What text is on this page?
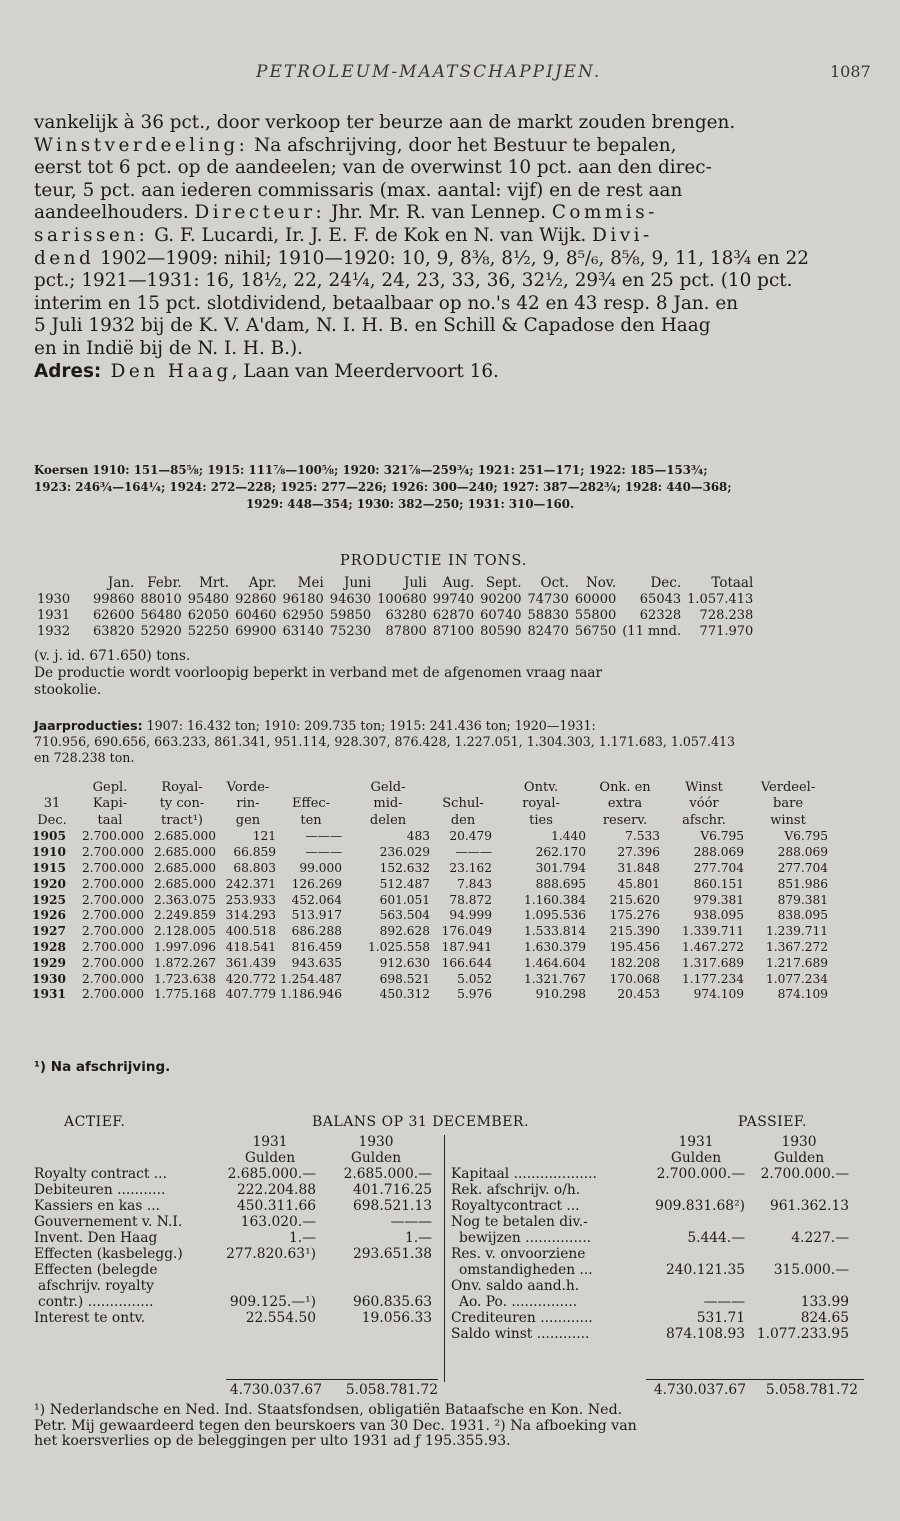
PETROLEUM-MAATSCHAPPIJEN.	1087
vankelijk à 36 pct., door verkoop ter beurze aan de markt zouden brengen.
Winstverdeeling: Na afschrijving, door het Bestuur te bepalen,
eerst tot 6 pct. op de aandeelen; van de overwinst 10 pct. aan den direc-
teur, 5 pct. aan iederen commissaris (max. aantal: vijf) en de rest aan
aandeelhouders. Directeur: Jhr. Mr. R. van Lennep. Commis-
sarissen: G. F. Lucardi, Ir. J. E. F. de Kok en N. van Wijk. Divi-
dend 1902—1909: nihil; 1910—1920: 10, 9, 8⅜, 8½, 9, 8⁵/₆, 8⅝, 9, 11, 18¾ en 22
pct.; 1921—1931: 16, 18½, 22, 24¼, 24, 23, 33, 36, 32½, 29¾ en 25 pct. (10 pct.
interim en 15 pct. slotdividend, betaalbaar op no.'s 42 en 43 resp. 8 Jan. en
5 Juli 1932 bij de K. V. A'dam, N. I. H. B. en Schill & Capadose den Haag
en in Indië bij de N. I. H. B.).
Adres: Den Haag, Laan van Meerdervoort 16.
Koersen 1910: 151—85⅝; 1915: 111⅞—100⅝; 1920: 321⅞—259¾; 1921: 251—171; 1922: 185—153¾;
1923: 246¾—164¼; 1924: 272—228; 1925: 277—226; 1926: 300—240; 1927: 387—282¾; 1928: 440—368;
1929: 448—354; 1930: 382—250; 1931: 310—160.
PRODUCTIE IN TONS.
	Jan.	Febr.	Mrt.	Apr.	Mei	Juni	Juli	Aug.	Sept.	Oct.	Nov.	Dec.	Totaal
1930	99860	88010	95480	92860	96180	94630	100680	99740	90200	74730	60000	65043	1.057.413
1931	62600	56480	62050	60460	62950	59850	63280	62870	60740	58830	55800	62328	728.238
1932	63820	52920	52250	69900	63140	75230	87800	87100	80590	82470	56750	(11 mnd.	771.970
(v. j. id. 671.650) tons.
De productie wordt voorloopig beperkt in verband met de afgenomen vraag naar
stookolie.
Jaarproducties: 1907: 16.432 ton; 1910: 209.735 ton; 1915: 241.436 ton; 1920—1931:
710.956, 690.656, 663.233, 861.341, 951.114, 928.307, 876.428, 1.227.051, 1.304.303, 1.171.683, 1.057.413
en 728.238 ton.
	Gepl.	Royal-	Vorde-		Geld-		Ontv.	Onk. en	Winst	Verdeel-
31	Kapi-	ty con-	rin-	Effec-	mid-	Schul-	royal-	extra	vóór	bare
Dec.	taal	tract¹)	gen	ten	delen	den	ties	reserv.	afschr.	winst
1905	2.700.000	2.685.000	121	———	483	20.479	1.440	7.533	V6.795	V6.795
1910	2.700.000	2.685.000	66.859	———	236.029	———	262.170	27.396	288.069	288.069
1915	2.700.000	2.685.000	68.803	99.000	152.632	23.162	301.794	31.848	277.704	277.704
1920	2.700.000	2.685.000	242.371	126.269	512.487	7.843	888.695	45.801	860.151	851.986
1925	2.700.000	2.363.075	253.933	452.064	601.051	78.872	1.160.384	215.620	979.381	879.381
1926	2.700.000	2.249.859	314.293	513.917	563.504	94.999	1.095.536	175.276	938.095	838.095
1927	2.700.000	2.128.005	400.518	686.288	892.628	176.049	1.533.814	215.390	1.339.711	1.239.711
1928	2.700.000	1.997.096	418.541	816.459	1.025.558	187.941	1.630.379	195.456	1.467.272	1.367.272
1929	2.700.000	1.872.267	361.439	943.635	912.630	166.644	1.464.604	182.208	1.317.689	1.217.689
1930	2.700.000	1.723.638	420.772	1.254.487	698.521	5.052	1.321.767	170.068	1.177.234	1.077.234
1931	2.700.000	1.775.168	407.779	1.186.946	450.312	5.976	910.298	20.453	974.109	874.109
¹) Na afschrijving.
ACTIEF.	BALANS OP 31 DECEMBER.	PASSIEF.
	1931	1930
	Gulden	Gulden
Royalty contract ...	2.685.000.—	2.685.000.—
Debiteuren ...........	222.204.88	401.716.25
Kassiers en kas ...	450.311.66	698.521.13
Gouvernement v. N.I.	163.020.—	———
Invent. Den Haag	1.—	1.—
Effecten (kasbelegg.)	277.820.63¹)	293.651.38
Effecten (belegde		
afschrijv. royalty		
contr.) ...............	909.125.—¹)	960.835.63
Interest te ontv.	22.554.50	19.056.33
	1931	1930
	Gulden	Gulden
Kapitaal ...................	2.700.000.—	2.700.000.—
Rek. afschrijv. o/h.		
Royaltycontract ...	909.831.68²)	961.362.13
Nog te betalen div.-		
bewijzen ...............	5.444.—	4.227.—
Res. v. onvoorziene		
omstandigheden ...	240.121.35	315.000.—
Onv. saldo aand.h.		
Ao. Po. ...............	———	133.99
Crediteuren ............	531.71	824.65
Saldo winst ............	874.108.93	1.077.233.95
4.730.037.67	5.058.781.72	4.730.037.67	5.058.781.72
¹) Nederlandsche en Ned. Ind. Staatsfondsen, obligatiën Bataafsche en Kon. Ned.
Petr. Mij gewaardeerd tegen den beurskoers van 30 Dec. 1931. ²) Na afboeking van
het koersverlies op de beleggingen per ulto 1931 ad ƒ 195.355.93.
